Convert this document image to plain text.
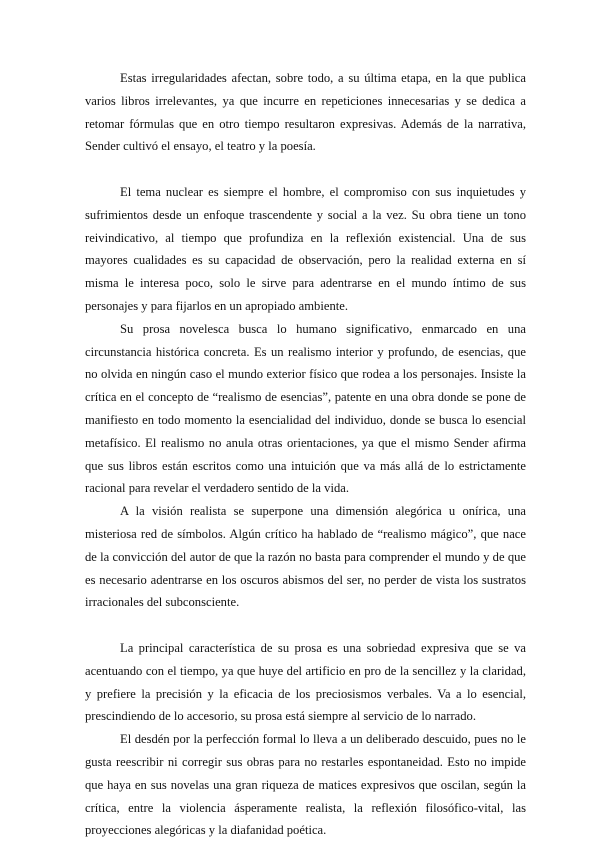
Estas irregularidades afectan, sobre todo, a su última etapa, en la que publica varios libros irrelevantes, ya que incurre en repeticiones innecesarias y se dedica a retomar fórmulas que en otro tiempo resultaron expresivas. Además de la narrativa, Sender cultivó el ensayo, el teatro y la poesía.

El tema nuclear es siempre el hombre, el compromiso con sus inquietudes y sufrimientos desde un enfoque trascendente y social a la vez. Su obra tiene un tono reivindicativo, al tiempo que profundiza en la reflexión existencial. Una de sus mayores cualidades es su capacidad de observación, pero la realidad externa en sí misma le interesa poco, solo le sirve para adentrarse en el mundo íntimo de sus personajes y para fijarlos en un apropiado ambiente.

Su prosa novelesca busca lo humano significativo, enmarcado en una circunstancia histórica concreta. Es un realismo interior y profundo, de esencias, que no olvida en ningún caso el mundo exterior físico que rodea a los personajes. Insiste la crítica en el concepto de “realismo de esencias”, patente en una obra donde se pone de manifiesto en todo momento la esencialidad del individuo, donde se busca lo esencial metafísico. El realismo no anula otras orientaciones, ya que el mismo Sender afirma que sus libros están escritos como una intuición que va más allá de lo estrictamente racional para revelar el verdadero sentido de la vida.

A la visión realista se superpone una dimensión alegórica u onírica, una misteriosa red de símbolos. Algún crítico ha hablado de “realismo mágico”, que nace de la convicción del autor de que la razón no basta para comprender el mundo y de que es necesario adentrarse en los oscuros abismos del ser, no perder de vista los sustratos irracionales del subconsciente.

La principal característica de su prosa es una sobriedad expresiva que se va acentuando con el tiempo, ya que huye del artificio en pro de la sencillez y la claridad, y prefiere la precisión y la eficacia de los preciosismos verbales. Va a lo esencial, prescindiendo de lo accesorio, su prosa está siempre al servicio de lo narrado.

El desdén por la perfección formal lo lleva a un deliberado descuido, pues no le gusta reescribir ni corregir sus obras para no restarles espontaneidad. Esto no impide que haya en sus novelas una gran riqueza de matices expresivos que oscilan, según la crítica, entre la violencia ásperamente realista, la reflexión filosófico-vital, las proyecciones alegóricas y la diafanidad poética.
